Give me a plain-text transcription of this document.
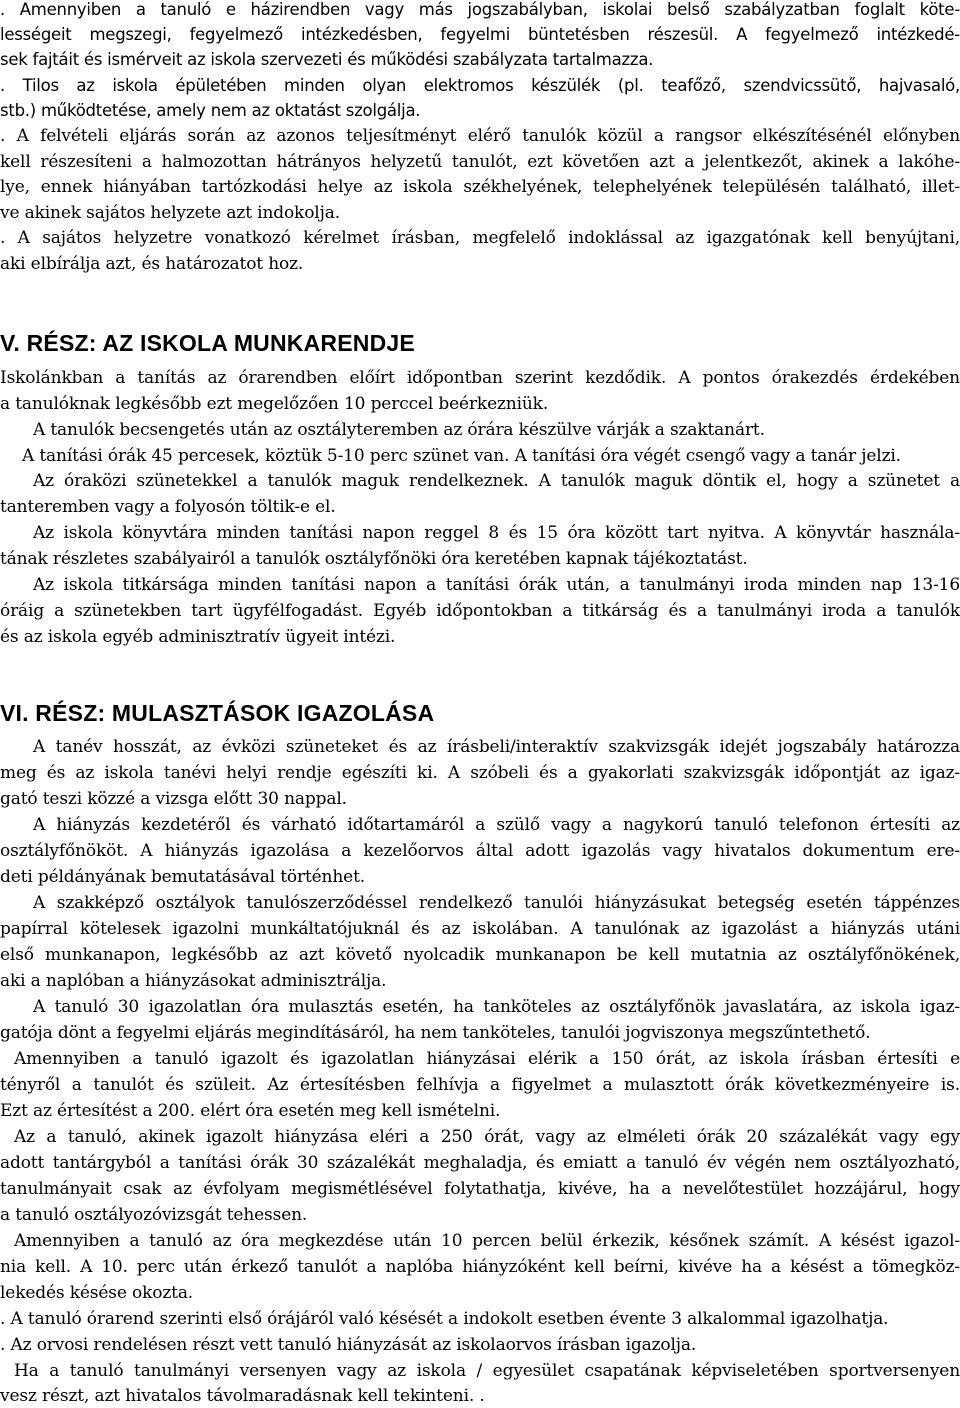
. Amennyiben a tanuló e házirendben vagy más jogszabályban, iskolai belső szabályzatban foglalt köte-

lességeit megszegi, fegyelmező intézkedésben, fegyelmi büntetésben részesül. A fegyelmező intézkedé-

sek fajtáit és ismérveit az iskola szervezeti és működési szabályzata tartalmazza.

. Tilos az iskola épületében minden olyan elektromos készülék (pl. teafőző, szendvicssütő, hajvasaló,

stb.) működtetése, amely nem az oktatást szolgálja.

. A felvételi eljárás során az azonos teljesítményt elérő tanulók közül a rangsor elkészítésénél előnyben

kell részesíteni a halmozottan hátrányos helyzetű tanulót, ezt követően azt a jelentkezőt, akinek a lakóhe-

lye, ennek hiányában tartózkodási helye az iskola székhelyének, telephelyének településén található, illet-

ve akinek sajátos helyzete azt indokolja.

. A sajátos helyzetre vonatkozó kérelmet írásban, megfelelő indoklással az igazgatónak kell benyújtani,

aki elbírálja azt, és határozatot hoz.

V. RÉSZ: AZ ISKOLA MUNKARENDJE

Iskolánkban a tanítás az órarendben előírt időpontban szerint kezdődik. A pontos órakezdés érdekében

a tanulóknak legkésőbb ezt megelőzően 10 perccel beérkezniük.

A tanulók becsengetés után az osztályteremben az órára készülve várják a szaktanárt.

A tanítási órák 45 percesek, köztük 5-10 perc szünet van. A tanítási óra végét csengő vagy a tanár jelzi.

Az óraközi szünetekkel a tanulók maguk rendelkeznek. A tanulók maguk döntik el, hogy a szünetet a

tanteremben vagy a folyosón töltik-e el.

Az iskola könyvtára minden tanítási napon reggel 8 és 15 óra között tart nyitva. A könyvtár használa-

tának részletes szabályairól a tanulók osztályfőnöki óra keretében kapnak tájékoztatást.

Az iskola titkársága minden tanítási napon a tanítási órák után, a tanulmányi iroda minden nap 13-16

óráig a szünetekben tart ügyfélfogadást. Egyéb időpontokban a titkárság és a tanulmányi iroda a tanulók

és az iskola egyéb adminisztratív ügyeit intézi.

VI. RÉSZ: MULASZTÁSOK IGAZOLÁSA

A tanév hosszát, az évközi szüneteket és az írásbeli/interaktív szakvizsgák idejét jogszabály határozza

meg és az iskola tanévi helyi rendje egészíti ki. A szóbeli és a gyakorlati szakvizsgák időpontját az igaz-

gató teszi közzé a vizsga előtt 30 nappal.

A hiányzás kezdetéről és várható időtartamáról a szülő vagy a nagykorú tanuló telefonon értesíti az

osztályfőnököt. A hiányzás igazolása a kezelőorvos által adott igazolás vagy hivatalos dokumentum ere-

deti példányának bemutatásával történhet.

A szakképző osztályok tanulószerződéssel rendelkező tanulói hiányzásukat betegség esetén táppénzes

papírral kötelesek igazolni munkáltatójuknál és az iskolában. A tanulónak az igazolást a hiányzás utáni

első munkanapon, legkésőbb az azt követő nyolcadik munkanapon be kell mutatnia az osztályfőnökének,

aki a naplóban a hiányzásokat adminisztrálja.

A tanuló 30 igazolatlan óra mulasztás esetén, ha tanköteles az osztályfőnök javaslatára, az iskola igaz-

gatója dönt a fegyelmi eljárás megindításáról, ha nem tanköteles, tanulói jogviszonya megszűntethető.

Amennyiben a tanuló igazolt és igazolatlan hiányzásai elérik a 150 órát, az iskola írásban értesíti e

tényről a tanulót és szüleit. Az értesítésben felhívja a figyelmet a mulasztott órák következményeire is.

Ezt az értesítést a 200. elért óra esetén meg kell ismételni.

Az a tanuló, akinek igazolt hiányzása eléri a 250 órát, vagy az elméleti órák 20 százalékát vagy egy

adott tantárgyból a tanítási órák 30 százalékát meghaladja, és emiatt a tanuló év végén nem osztályozható,

tanulmányait csak az évfolyam megismétlésével folytathatja, kivéve, ha a nevelőtestület hozzájárul, hogy

a tanuló osztályozóvizsgát tehessen.

Amennyiben a tanuló az óra megkezdése után 10 percen belül érkezik, későnek számít. A késést igazol-

nia kell. A 10. perc után érkező tanulót a naplóba hiányzóként kell beírni, kivéve ha a késést a tömegköz-

lekedés késése okozta.

. A tanuló órarend szerinti első órájáról való késését a indokolt esetben évente 3 alkalommal igazolhatja.

. Az orvosi rendelésen részt vett tanuló hiányzását az iskolaorvos írásban igazolja.

Ha a tanuló tanulmányi versenyen vagy az iskola / egyesület csapatának képviseletében sportversenyen

vesz részt, azt hivatalos távolmaradásnak kell tekinteni. .
